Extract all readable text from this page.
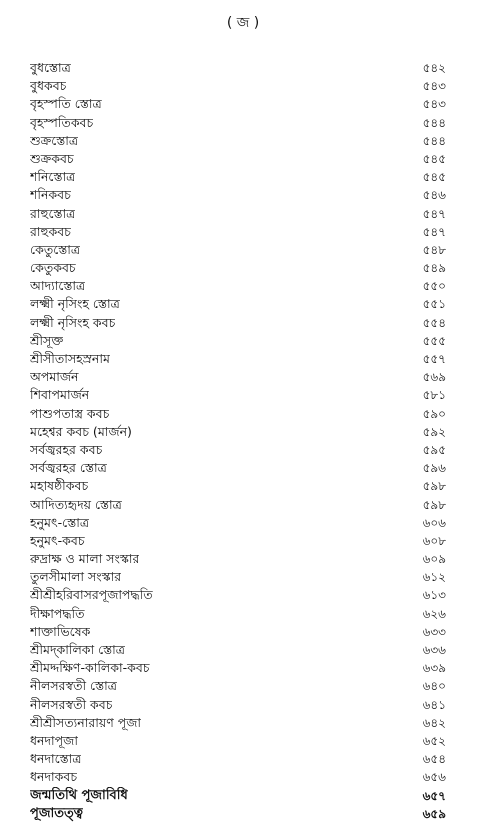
( জ )
বুধস্তোত্র	৫৪২
বুধকবচ	৫৪৩
বৃহস্পতি স্তোত্র	৫৪৩
বৃহস্পতিকবচ	৫৪৪
শুক্রস্তোত্র	৫৪৪
শুক্রকবচ	৫৪৫
শনিস্তোত্র	৫৪৫
শনিকবচ	৫৪৬
রাহুস্তোত্র	৫৪৭
রাহুকবচ	৫৪৭
কেতুস্তোত্র	৫৪৮
কেতুকবচ	৫৪৯
আদ্যাস্তোত্র	৫৫০
লক্ষ্মী নৃসিংহ স্তোত্র	৫৫১
লক্ষ্মী নৃসিংহ কবচ	৫৫৪
শ্রীসূক্ত	৫৫৫
শ্রীসীতাসহস্রনাম	৫৫৭
অপমার্জন	৫৬৯
শিবাপমার্জন	৫৮১
পাশুপতাস্ত্র কবচ	৫৯০
মহেশ্বর কবচ (মার্জন)	৫৯২
সর্বজ্বরহর কবচ	৫৯৫
সর্বজ্বরহর স্তোত্র	৫৯৬
মহাষষ্ঠীকবচ	৫৯৮
আদিত্যহৃদয় স্তোত্র	৫৯৮
হনুমৎ-স্তোত্র	৬০৬
হনুমৎ-কবচ	৬০৮
রুদ্রাক্ষ ও মালা সংস্কার	৬০৯
তুলসীমালা সংস্কার	৬১২
শ্রীশ্রীহরিবাসরপূজাপদ্ধতি	৬১৩
দীক্ষাপদ্ধতি	৬২৬
শাক্তাভিষেক	৬৩৩
শ্রীমদ্‌কালিকা স্তোত্র	৬৩৬
শ্রীমদ্দক্ষিণ-কালিকা-কবচ	৬৩৯
নীলসরস্বতী স্তোত্র	৬৪০
নীলসরস্বতী কবচ	৬৪১
শ্রীশ্রীসত্যনারায়ণ পূজা	৬৪২
ধনদাপূজা	৬৫২
ধনদাস্তোত্র	৬৫৪
ধনদাকবচ	৬৫৬
জন্মতিথি পূজাবিধি	৬৫৭
পূজাতত্ত্ব	৬৫৯
